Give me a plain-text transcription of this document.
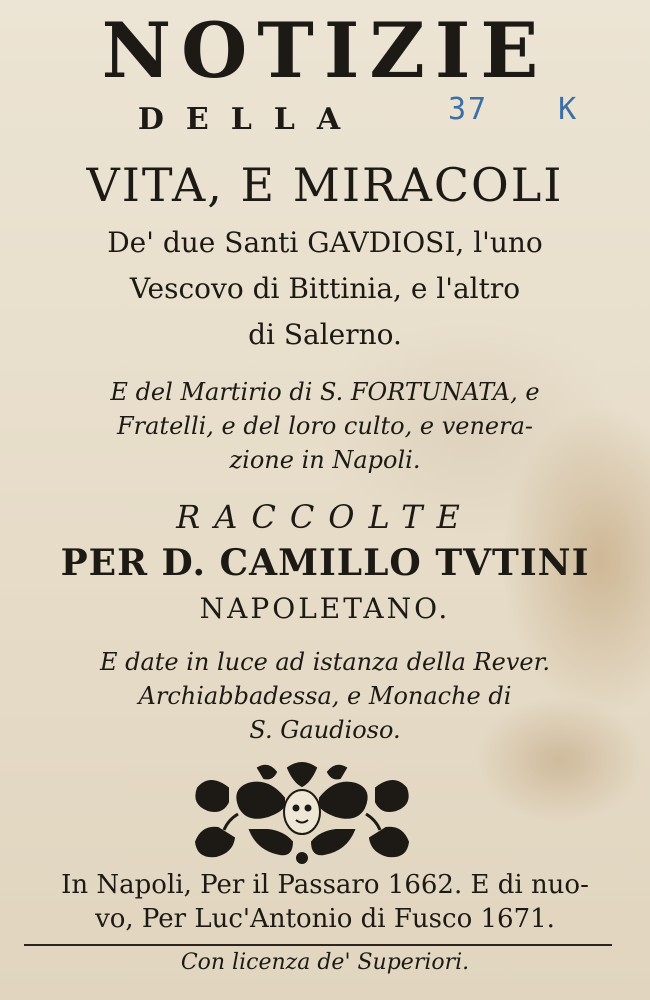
NOTIZIE
DELLA	37 K
VITA, E MIRACOLI
De' due Santi GAVDIOSI, l'uno
Vescovo di Bittinia, e l'altro
di Salerno.
E del Martirio di S. FORTUNATA, e
Fratelli, e del loro culto, e venera-
zione in Napoli.
RACCOLTE
PER D. CAMILLO TVTINI
NAPOLETANO.
E date in luce ad istanza della Rever.
Archiabbadessa, e Monache di
S. Gaudioso.
In Napoli, Per il Passaro 1662. E di nuo-
vo, Per Luc'Antonio di Fusco 1671.
Con licenza de' Superiori.
